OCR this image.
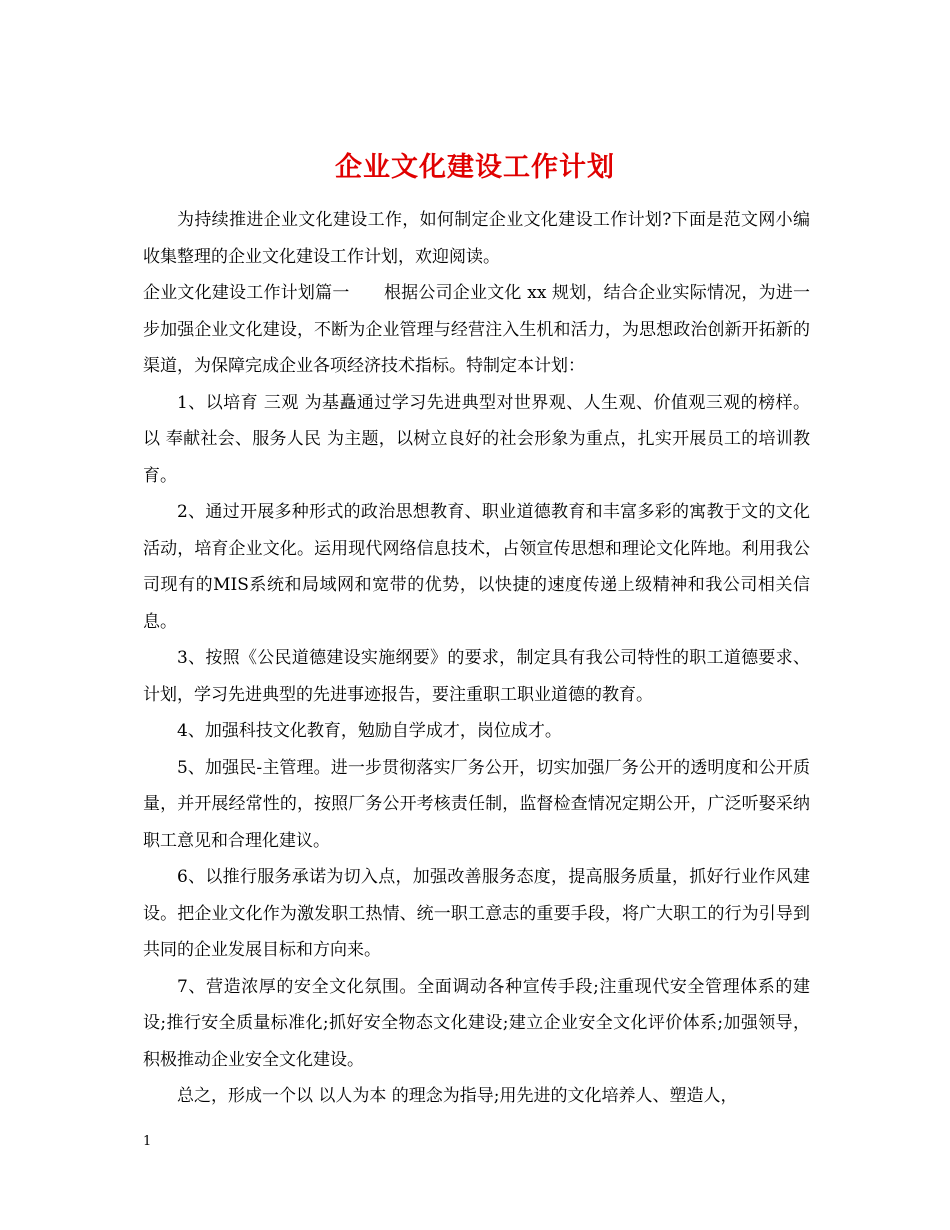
企业文化建设工作计划

为持续推进企业文化建设工作，如何制定企业文化建设工作计划?下面是范文网小编收集整理的企业文化建设工作计划，欢迎阅读。

企业文化建设工作计划篇一　　根据公司企业文化 xx 规划，结合企业实际情况，为进一步加强企业文化建设，不断为企业管理与经营注入生机和活力，为思想政治创新开拓新的渠道，为保障完成企业各项经济技术指标。特制定本计划：

1、以培育 三观 为基矗通过学习先进典型对世界观、人生观、价值观三观的榜样。以 奉献社会、服务人民 为主题，以树立良好的社会形象为重点，扎实开展员工的培训教育。

2、通过开展多种形式的政治思想教育、职业道德教育和丰富多彩的寓教于文的文化活动，培育企业文化。运用现代网络信息技术，占领宣传思想和理论文化阵地。利用我公司现有的MIS系统和局域网和宽带的优势，以快捷的速度传递上级精神和我公司相关信息。

3、按照《公民道德建设实施纲要》的要求，制定具有我公司特性的职工道德要求、计划，学习先进典型的先进事迹报告，要注重职工职业道德的教育。

4、加强科技文化教育，勉励自学成才，岗位成才。

5、加强民-主管理。进一步贯彻落实厂务公开，切实加强厂务公开的透明度和公开质量，并开展经常性的，按照厂务公开考核责任制，监督检查情况定期公开，广泛听娶采纳职工意见和合理化建议。

6、以推行服务承诺为切入点，加强改善服务态度，提高服务质量，抓好行业作风建设。把企业文化作为激发职工热情、统一职工意志的重要手段，将广大职工的行为引导到共同的企业发展目标和方向来。

7、营造浓厚的安全文化氛围。全面调动各种宣传手段;注重现代安全管理体系的建设;推行安全质量标准化;抓好安全物态文化建设;建立企业安全文化评价体系;加强领导，积极推动企业安全文化建设。

总之，形成一个以 以人为本 的理念为指导;用先进的文化培养人、塑造人，

1
